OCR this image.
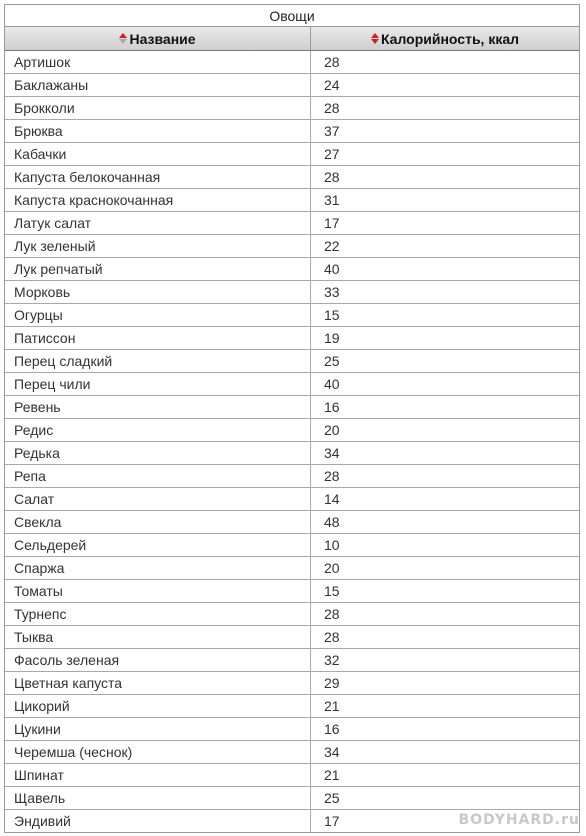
Овощи
Название	Калорийность, ккал
Артишок	28
Баклажаны	24
Брокколи	28
Брюква	37
Кабачки	27
Капуста белокочанная	28
Капуста краснокочанная	31
Латук салат	17
Лук зеленый	22
Лук репчатый	40
Морковь	33
Огурцы	15
Патиссон	19
Перец сладкий	25
Перец чили	40
Ревень	16
Редис	20
Редька	34
Репа	28
Салат	14
Свекла	48
Сельдерей	10
Спаржа	20
Томаты	15
Турнепс	28
Тыква	28
Фасоль зеленая	32
Цветная капуста	29
Цикорий	21
Цукини	16
Черемша (чеснок)	34
Шпинат	21
Щавель	25
Эндивий	17	BODYHARD.ru
